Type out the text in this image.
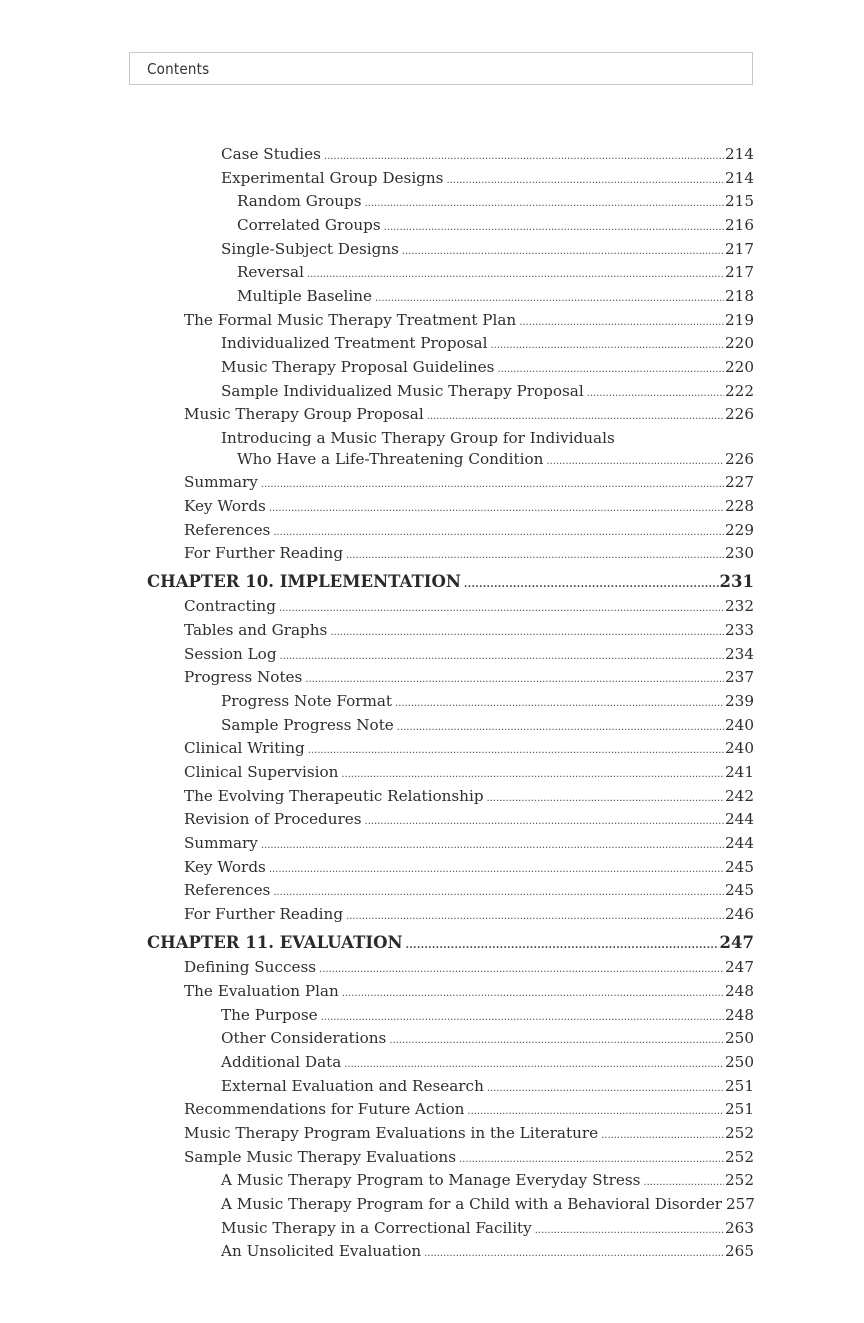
Contents
Case Studies . . .	214
Experimental Group Designs . . .	214
Random Groups . . .	215
Correlated Groups . . .	216
Single-Subject Designs . . .	217
Reversal . . .	217
Multiple Baseline . . .	218
The Formal Music Therapy Treatment Plan . . .	219
Individualized Treatment Proposal . . .	220
Music Therapy Proposal Guidelines . . .	220
Sample Individualized Music Therapy Proposal . . .	222
Music Therapy Group Proposal . . .	226
Introducing a Music Therapy Group for Individuals
Who Have a Life-Threatening Condition . . .	226
Summary . . .	227
Key Words . . .	228
References . . .	229
For Further Reading . . .	230
CHAPTER 10. IMPLEMENTATION . . .	231
Contracting . . .	232
Tables and Graphs . . .	233
Session Log . . .	234
Progress Notes . . .	237
Progress Note Format . . .	239
Sample Progress Note . . .	240
Clinical Writing . . .	240
Clinical Supervision . . .	241
The Evolving Therapeutic Relationship . . .	242
Revision of Procedures . . .	244
Summary . . .	244
Key Words . . .	245
References . . .	245
For Further Reading . . .	246
CHAPTER 11. EVALUATION . . .	247
Defining Success . . .	247
The Evaluation Plan . . .	248
The Purpose . . .	248
Other Considerations . . .	250
Additional Data . . .	250
External Evaluation and Research . . .	251
Recommendations for Future Action . . .	251
Music Therapy Program Evaluations in the Literature . . .	252
Sample Music Therapy Evaluations . . .	252
A Music Therapy Program to Manage Everyday Stress . . .	252
A Music Therapy Program for a Child with a Behavioral Disorder 257
Music Therapy in a Correctional Facility . . .	263
An Unsolicited Evaluation . . .	265
